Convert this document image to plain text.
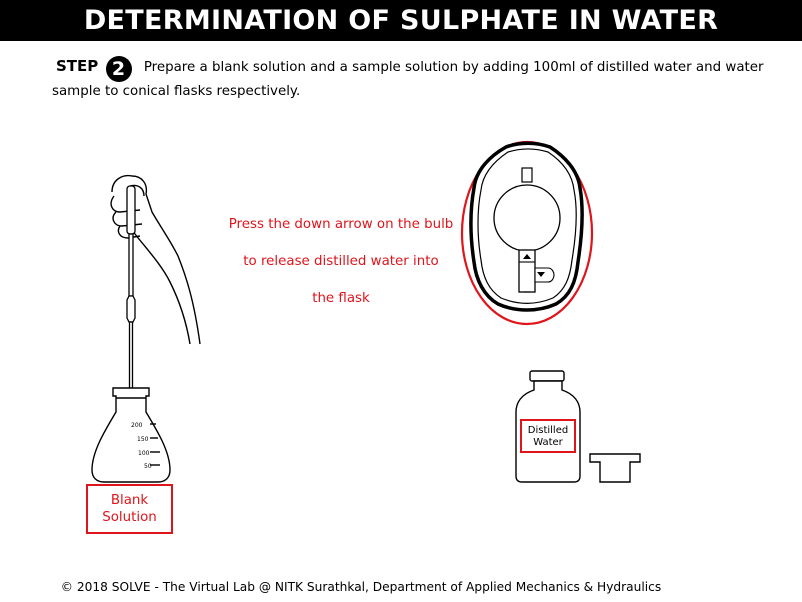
DETERMINATION OF SULPHATE IN WATER
STEP 2 Prepare a blank solution and a sample solution by adding 100ml of distilled water and water sample to conical flasks respectively.
Press the down arrow on the bulb
to release distilled water into
the flask
200
150
100
50
Blank Solution
Distilled Water
© 2018 SOLVE - The Virtual Lab @ NITK Surathkal, Department of Applied Mechanics & Hydraulics
